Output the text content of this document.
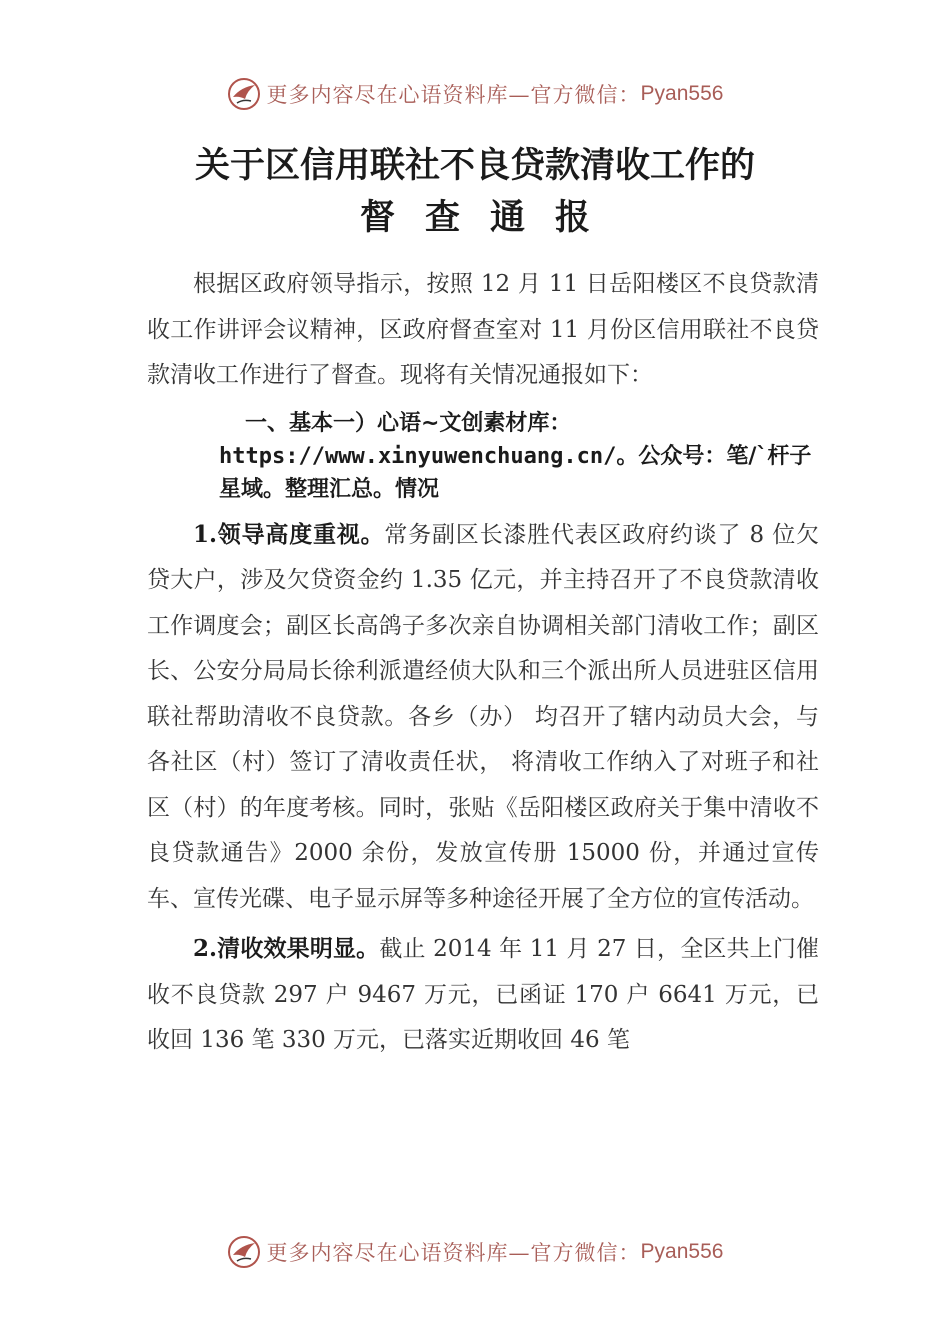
更多内容尽在心语资料库—官方微信： Pyan556
关于区信用联社不良贷款清收工作的
督查通报

根据区政府领导指示，按照 12 月 11 日岳阳楼区不良贷款清收工作讲评会议精神，区政府督查室对 11 月份区信用联社不良贷款清收工作进行了督查。现将有关情况通报如下：

一、基本一）心语~文创素材库：
https://www.xinyuwenchuang.cn/。公众号：笔/`杆子星域。整理汇总。情况

1.领导高度重视。常务副区长漆胜代表区政府约谈了 8 位欠贷大户，涉及欠贷资金约 1.35 亿元，并主持召开了不良贷款清收工作调度会；副区长高鸽子多次亲自协调相关部门清收工作；副区长、公安分局局长徐利派遣经侦大队和三个派出所人员进驻区信用联社帮助清收不良贷款。各乡（办） 均召开了辖内动员大会，与各社区（村）签订了清收责任状， 将清收工作纳入了对班子和社区（村）的年度考核。同时，张贴《岳阳楼区政府关于集中清收不良贷款通告》2000 余份，发放宣传册 15000 份，并通过宣传车、宣传光碟、电子显示屏等多种途径开展了全方位的宣传活动。

2.清收效果明显。截止 2014 年 11 月 27 日，全区共上门催收不良贷款 297 户 9467 万元，已函证 170 户 6641 万元，已收回 136 笔 330 万元，已落实近期收回 46 笔

更多内容尽在心语资料库—官方微信： Pyan556
